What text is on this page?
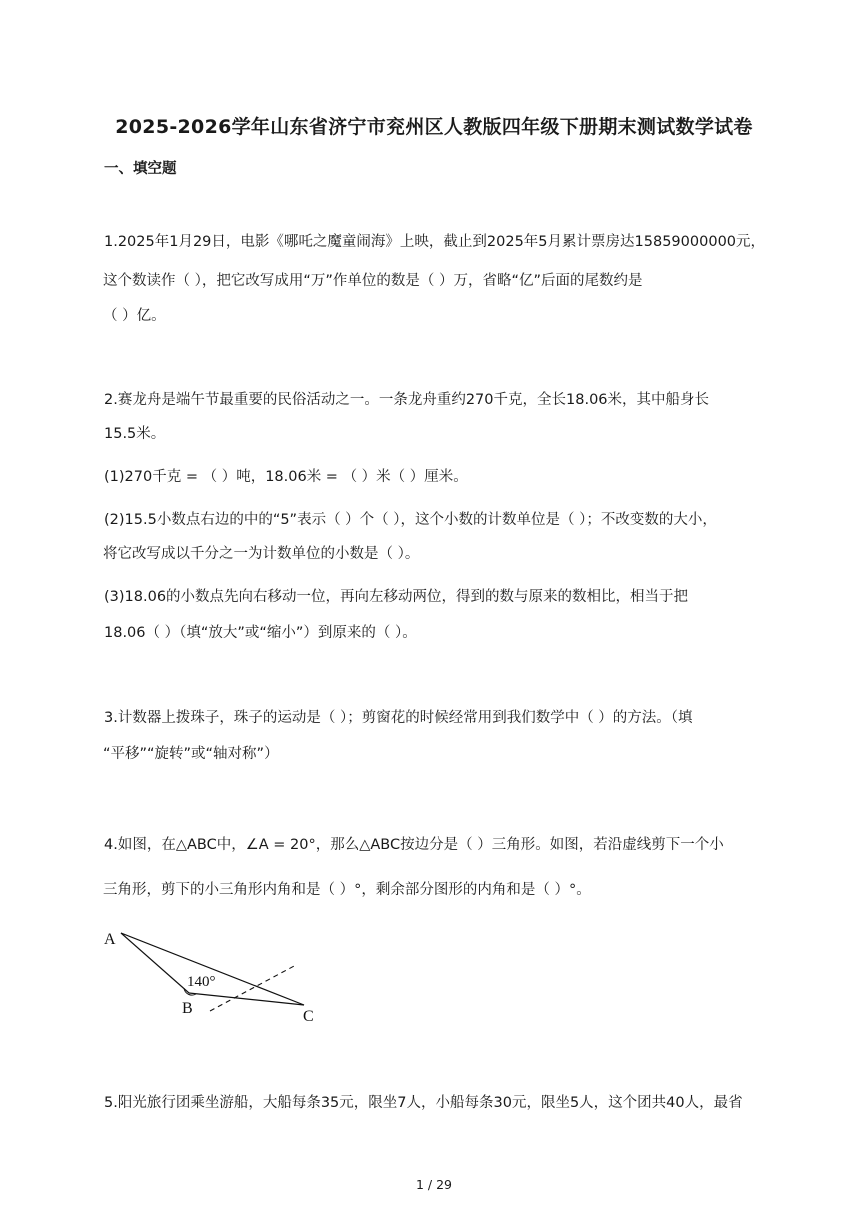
2025-2026学年山东省济宁市兖州区人教版四年级下册期末测试数学试卷
一、填空题
1.2025年1月29日，电影《哪吒之魔童闹海》上映，截止到2025年5月累计票房达15859000000元，
这个数读作（ ），把它改写成用“万”作单位的数是（ ）万，省略“亿”后面的尾数约是
（ ）亿。
2.赛龙舟是端午节最重要的民俗活动之一。一条龙舟重约270千克，全长18.06米，其中船身长
15.5米。
(1)270千克 = （ ）吨，18.06米 = （ ）米（ ）厘米。
(2)15.5小数点右边的中的“5”表示（ ）个（ ），这个小数的计数单位是（ ）；不改变数的大小，
将它改写成以千分之一为计数单位的小数是（ ）。
(3)18.06的小数点先向右移动一位，再向左移动两位，得到的数与原来的数相比，相当于把
18.06（ ）（填“放大”或“缩小”）到原来的（ ）。
3.计数器上拨珠子，珠子的运动是（ ）；剪窗花的时候经常用到我们数学中（ ）的方法。（填
“平移”“旋转”或“轴对称”）
4.如图，在△ABC中，∠A = 20°，那么△ABC按边分是（ ）三角形。如图，若沿虚线剪下一个小
三角形，剪下的小三角形内角和是（ ）°，剩余部分图形的内角和是（ ）°。
A
B	C
140°
5.阳光旅行团乘坐游船，大船每条35元，限坐7人，小船每条30元，限坐5人，这个团共40人，最省
1 / 29
